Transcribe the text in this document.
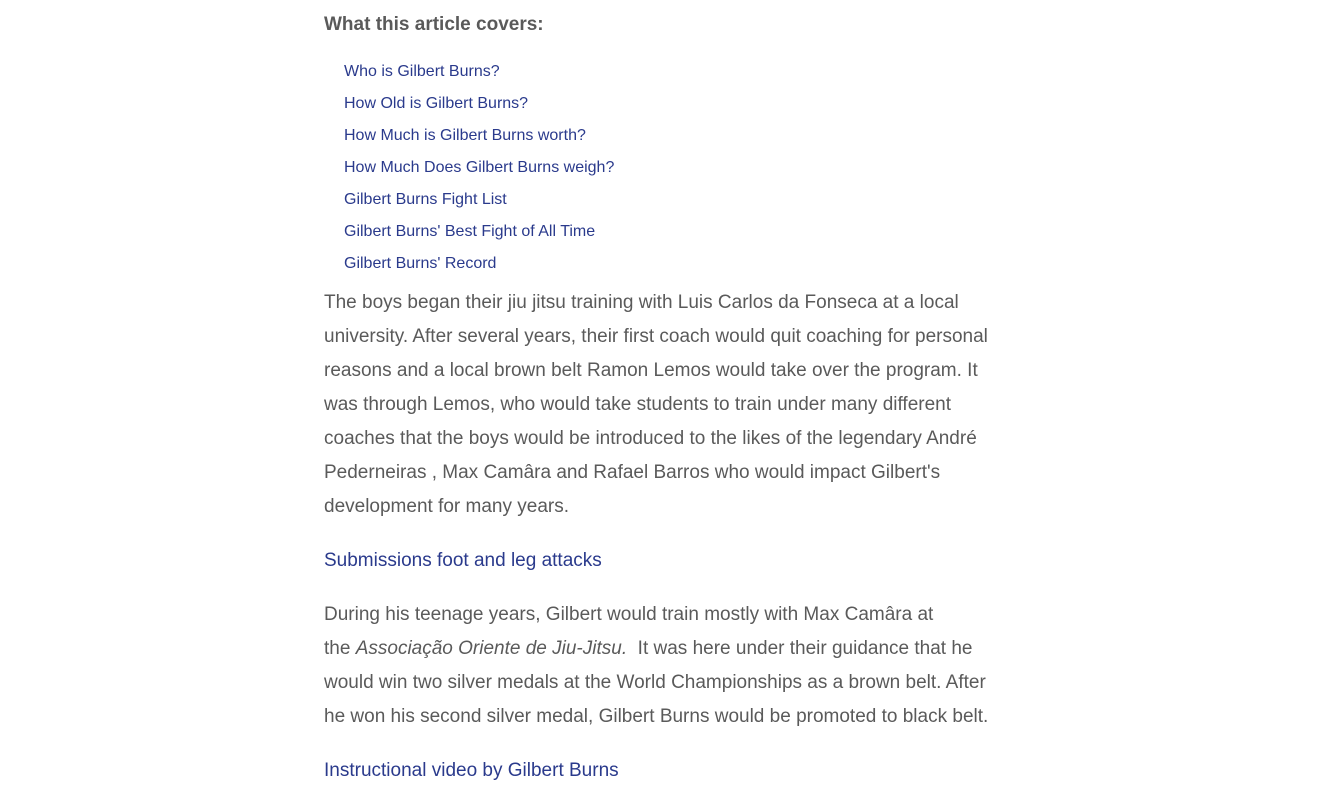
What this article covers:
Who is Gilbert Burns?
How Old is Gilbert Burns?
How Much is Gilbert Burns worth?
How Much Does Gilbert Burns weigh?
Gilbert Burns Fight List
Gilbert Burns' Best Fight of All Time
Gilbert Burns' Record

The boys began their jiu jitsu training with Luis Carlos da Fonseca at a local
university. After several years, their first coach would quit coaching for personal
reasons and a local brown belt Ramon Lemos would take over the program. It
was through Lemos, who would take students to train under many different
coaches that the boys would be introduced to the likes of the legendary André
Pederneiras , Max Camâra and Rafael Barros who would impact Gilbert's
development for many years.

Submissions foot and leg attacks

During his teenage years, Gilbert would train mostly with Max Camâra at
the Associação Oriente de Jiu-Jitsu.  It was here under their guidance that he
would win two silver medals at the World Championships as a brown belt. After
he won his second silver medal, Gilbert Burns would be promoted to black belt.

Instructional video by Gilbert Burns
